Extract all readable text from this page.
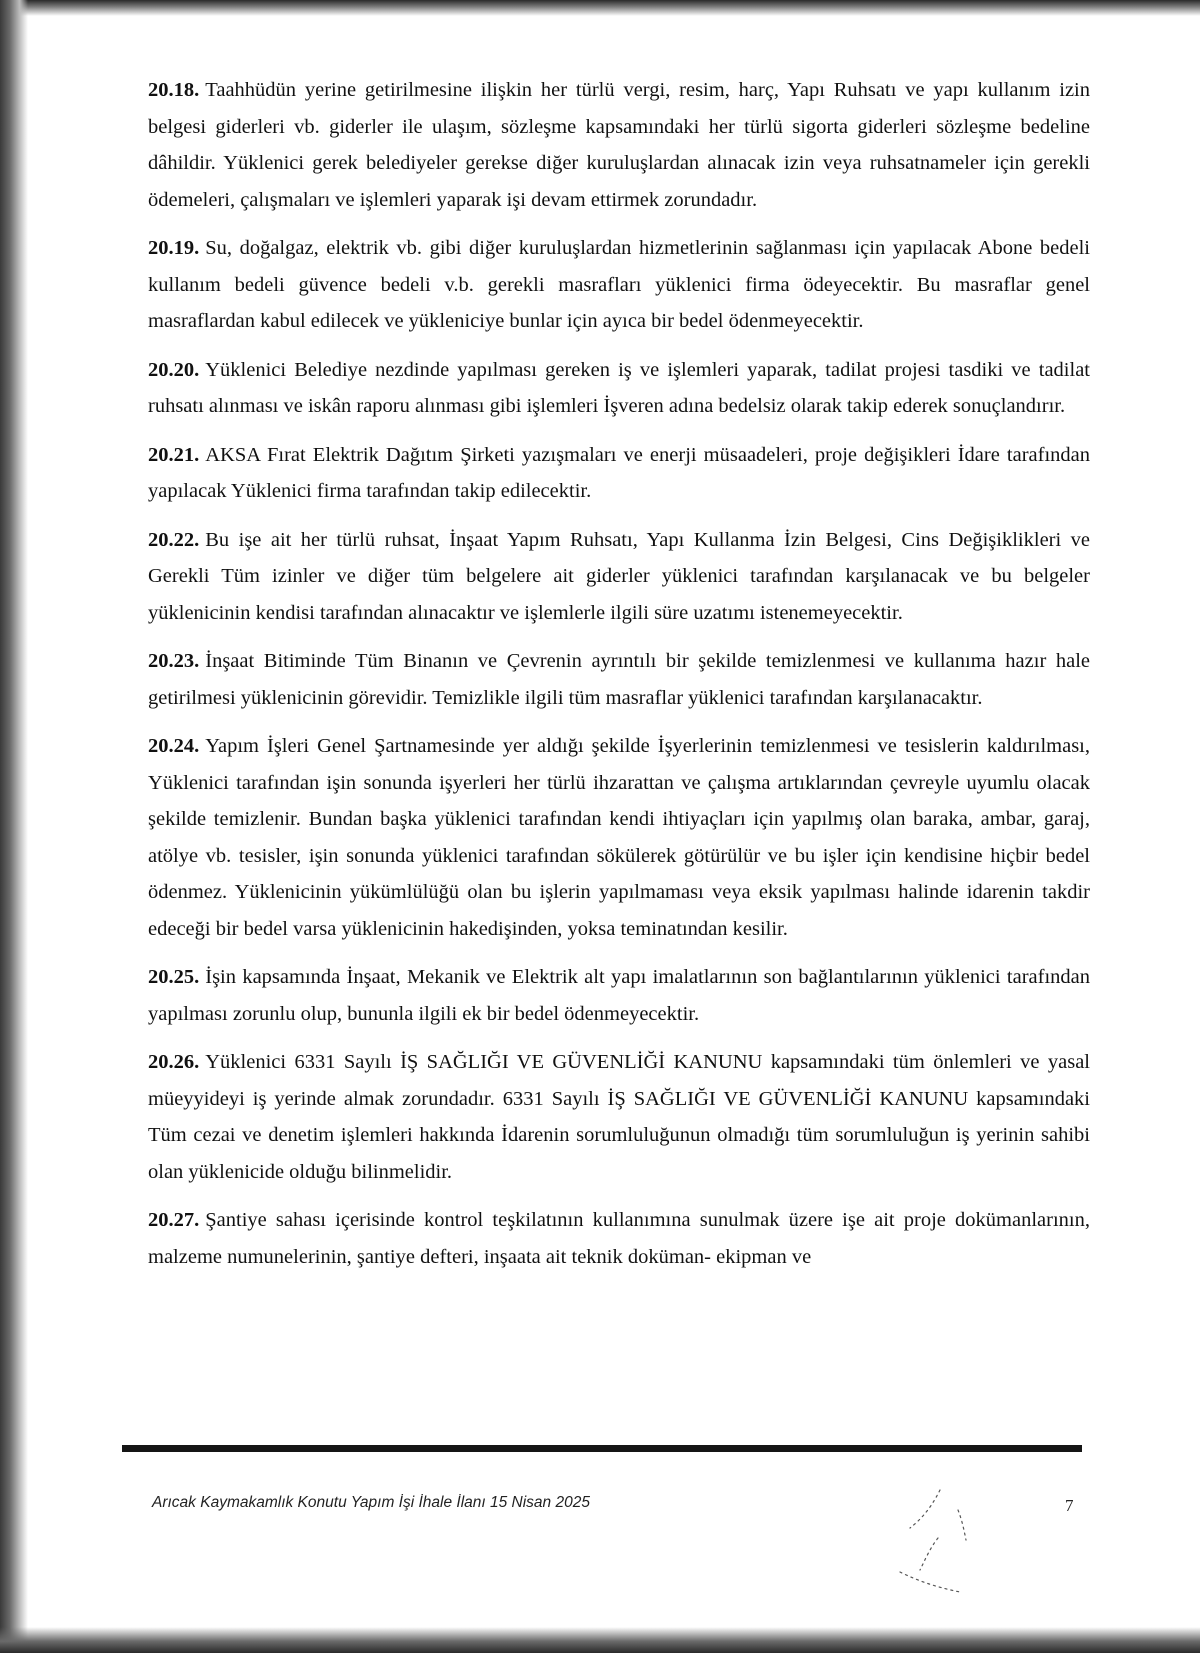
20.18. Taahhüdün yerine getirilmesine ilişkin her türlü vergi, resim, harç, Yapı Ruhsatı ve yapı kullanım izin belgesi giderleri vb. giderler ile ulaşım, sözleşme kapsamındaki her türlü sigorta giderleri sözleşme bedeline dâhildir. Yüklenici gerek belediyeler gerekse diğer kuruluşlardan alınacak izin veya ruhsatnameler için gerekli ödemeleri, çalışmaları ve işlemleri yaparak işi devam ettirmek zorundadır.

20.19. Su, doğalgaz, elektrik vb. gibi diğer kuruluşlardan hizmetlerinin sağlanması için yapılacak Abone bedeli kullanım bedeli güvence bedeli v.b. gerekli masrafları yüklenici firma ödeyecektir. Bu masraflar genel masraflardan kabul edilecek ve yükleniciye bunlar için ayıca bir bedel ödenmeyecektir.

20.20. Yüklenici Belediye nezdinde yapılması gereken iş ve işlemleri yaparak, tadilat projesi tasdiki ve tadilat ruhsatı alınması ve iskân raporu alınması gibi işlemleri İşveren adına bedelsiz olarak takip ederek sonuçlandırır.

20.21. AKSA Fırat Elektrik Dağıtım Şirketi yazışmaları ve enerji müsaadeleri, proje değişikleri İdare tarafından yapılacak Yüklenici firma tarafından takip edilecektir.

20.22. Bu işe ait her türlü ruhsat, İnşaat Yapım Ruhsatı, Yapı Kullanma İzin Belgesi, Cins Değişiklikleri ve Gerekli Tüm izinler ve diğer tüm belgelere ait giderler yüklenici tarafından karşılanacak ve bu belgeler yüklenicinin kendisi tarafından alınacaktır ve işlemlerle ilgili süre uzatımı istenemeyecektir.

20.23. İnşaat Bitiminde Tüm Binanın ve Çevrenin ayrıntılı bir şekilde temizlenmesi ve kullanıma hazır hale getirilmesi yüklenicinin görevidir. Temizlikle ilgili tüm masraflar yüklenici tarafından karşılanacaktır.

20.24. Yapım İşleri Genel Şartnamesinde yer aldığı şekilde İşyerlerinin temizlenmesi ve tesislerin kaldırılması, Yüklenici tarafından işin sonunda işyerleri her türlü ihzarattan ve çalışma artıklarından çevreyle uyumlu olacak şekilde temizlenir. Bundan başka yüklenici tarafından kendi ihtiyaçları için yapılmış olan baraka, ambar, garaj, atölye vb. tesisler, işin sonunda yüklenici tarafından sökülerek götürülür ve bu işler için kendisine hiçbir bedel ödenmez. Yüklenicinin yükümlülüğü olan bu işlerin yapılmaması veya eksik yapılması halinde idarenin takdir edeceği bir bedel varsa yüklenicinin hakedişinden, yoksa teminatından kesilir.

20.25. İşin kapsamında İnşaat, Mekanik ve Elektrik alt yapı imalatlarının son bağlantılarının yüklenici tarafından yapılması zorunlu olup, bununla ilgili ek bir bedel ödenmeyecektir.

20.26. Yüklenici 6331 Sayılı İŞ SAĞLIĞI VE GÜVENLİĞİ KANUNU kapsamındaki tüm önlemleri ve yasal müeyyideyi iş yerinde almak zorundadır. 6331 Sayılı İŞ SAĞLIĞI VE GÜVENLİĞİ KANUNU kapsamındaki Tüm cezai ve denetim işlemleri hakkında İdarenin sorumluluğunun olmadığı tüm sorumluluğun iş yerinin sahibi olan yüklenicide olduğu bilinmelidir.

20.27. Şantiye sahası içerisinde kontrol teşkilatının kullanımına sunulmak üzere işe ait proje dokümanlarının, malzeme numunelerinin, şantiye defteri, inşaata ait teknik doküman- ekipman ve

Arıcak Kaymakamlık Konutu Yapım İşi İhale İlanı 15 Nisan 2025	7
